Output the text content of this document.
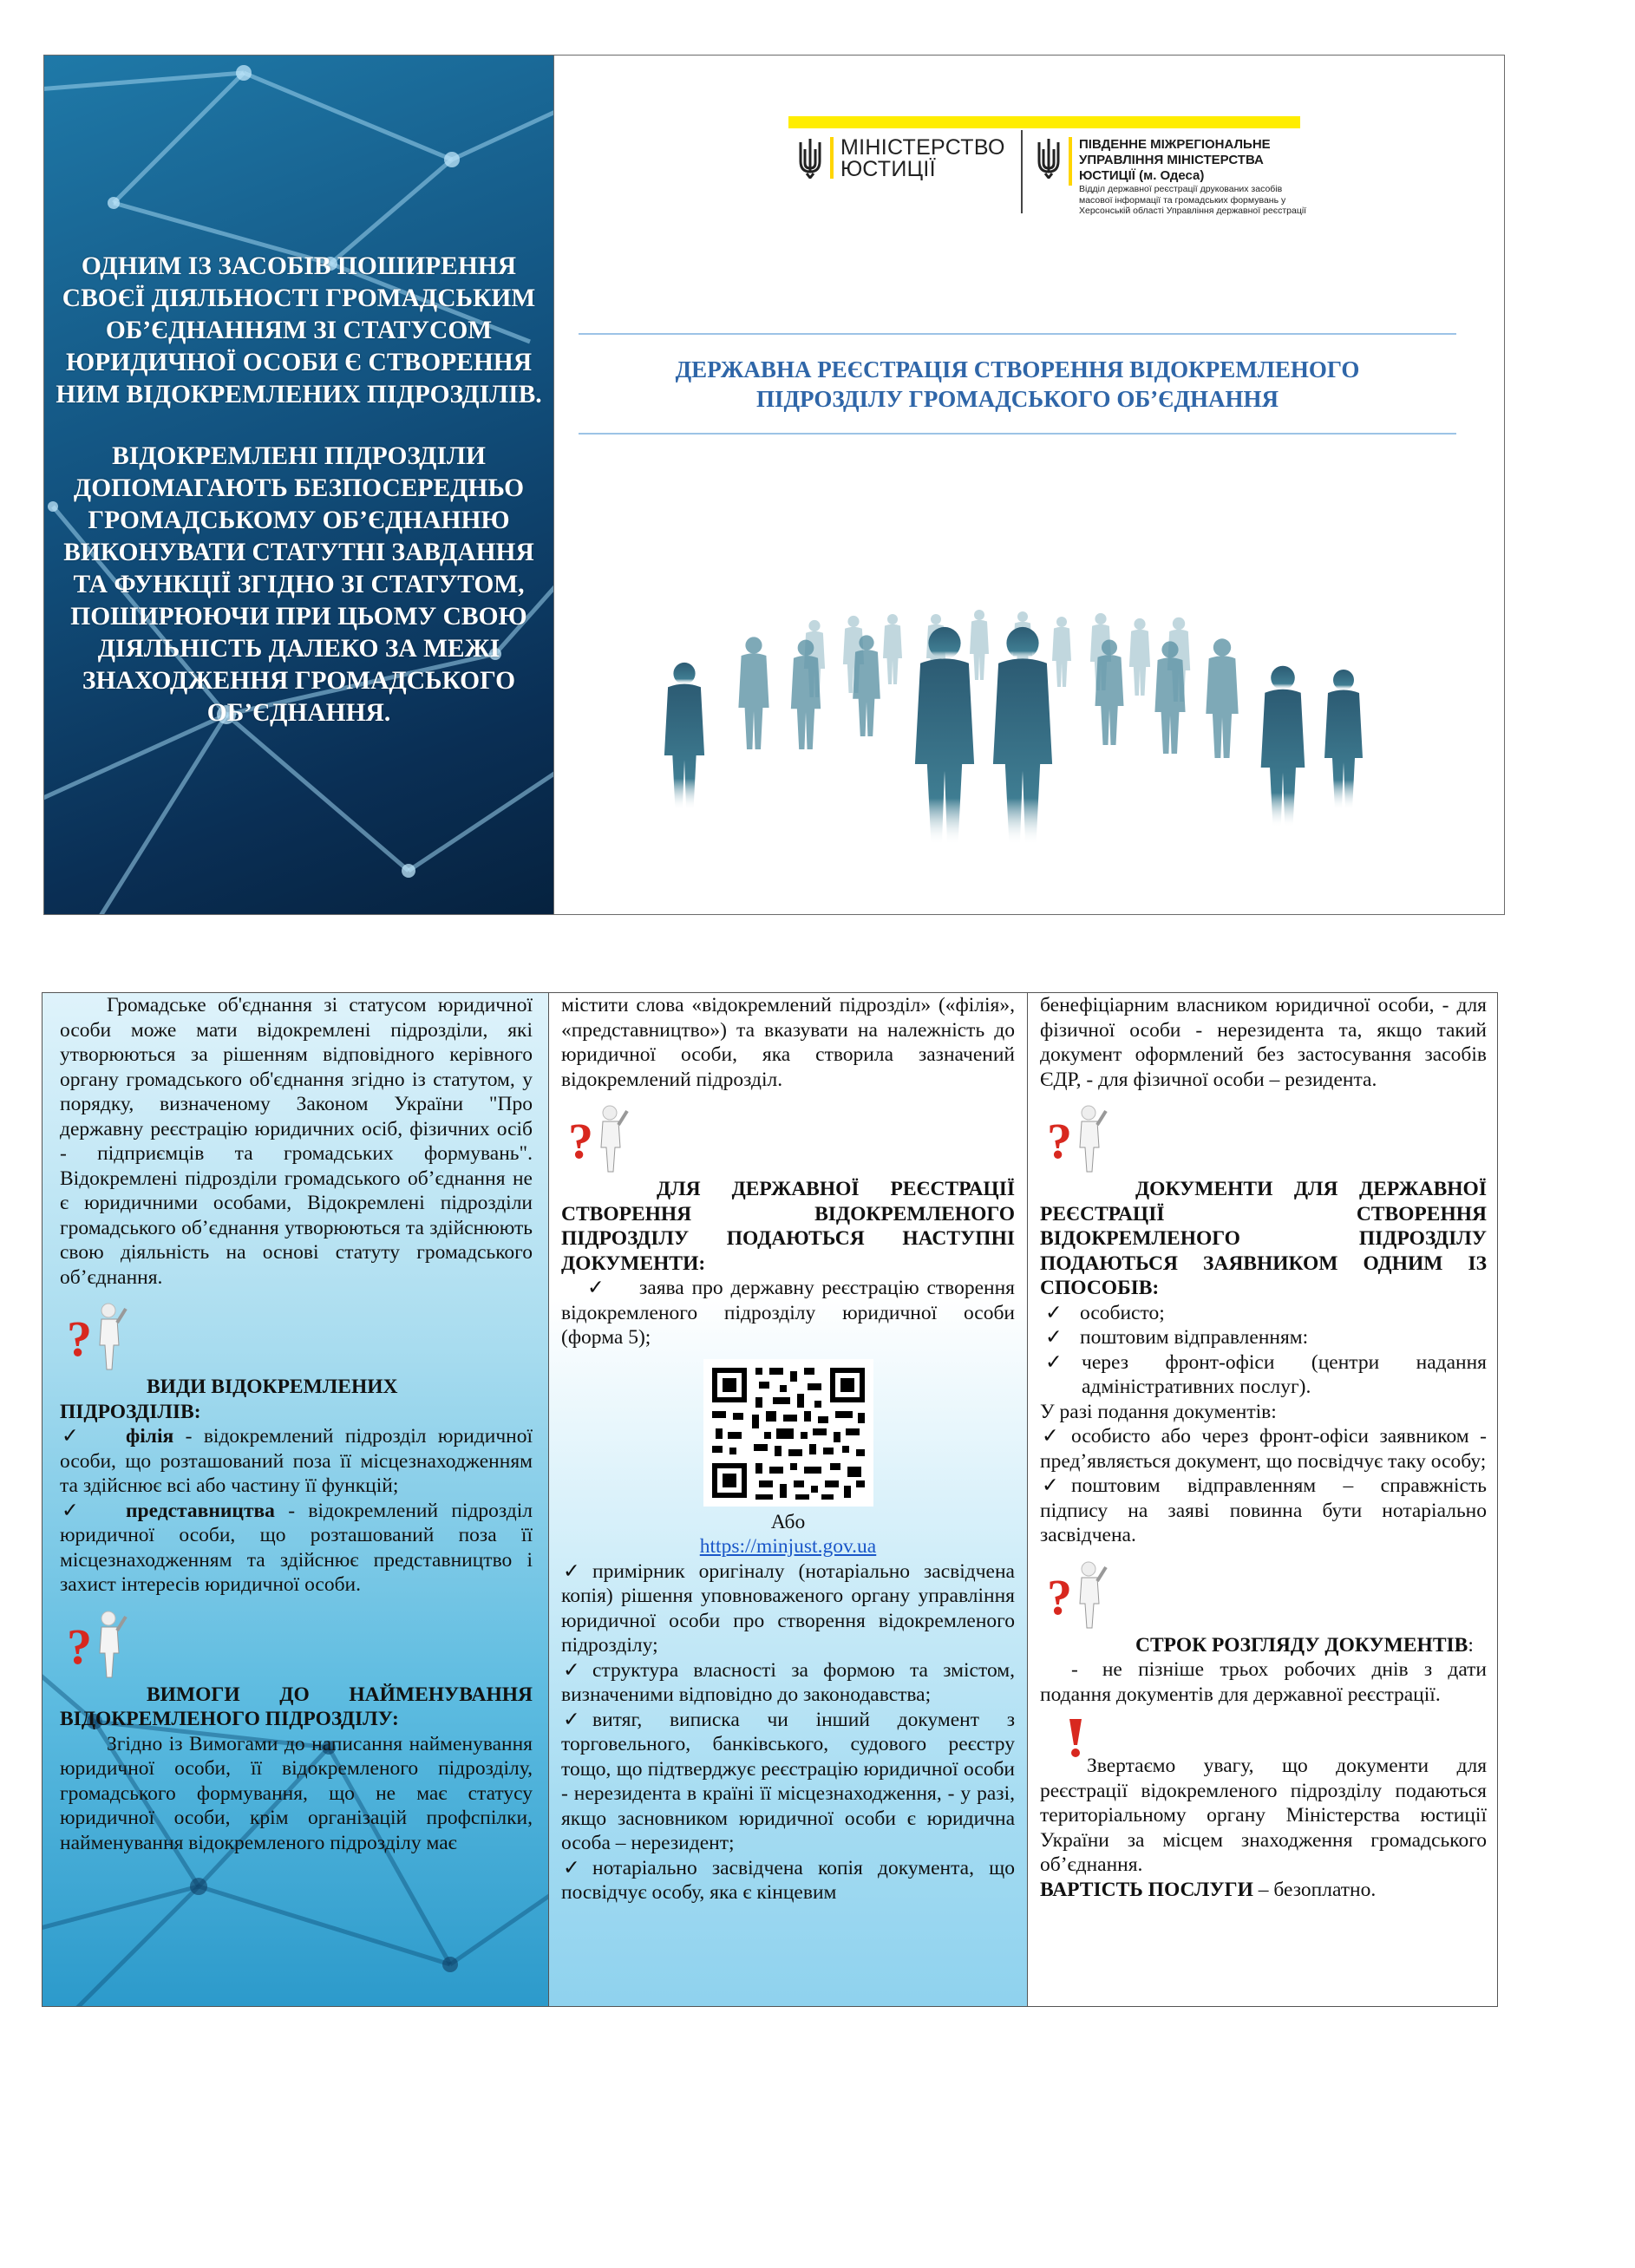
ОДНИМ ІЗ ЗАСОБІВ ПОШИРЕННЯ СВОЄЇ ДІЯЛЬНОСТІ ГРОМАДСЬКИМ ОБ’ЄДНАННЯМ ЗІ СТАТУСОМ ЮРИДИЧНОЇ ОСОБИ Є СТВОРЕННЯ НИМ ВІДОКРЕМЛЕНИХ ПІДРОЗДІЛІВ.

ВІДОКРЕМЛЕНІ ПІДРОЗДІЛИ ДОПОМАГАЮТЬ БЕЗПОСЕРЕДНЬО ГРОМАДСЬКОМУ ОБ’ЄДНАННЮ ВИКОНУВАТИ СТАТУТНІ ЗАВДАННЯ ТА ФУНКЦІЇ ЗГІДНО ЗІ СТАТУТОМ, ПОШИРЮЮЧИ ПРИ ЦЬОМУ СВОЮ ДІЯЛЬНІСТЬ ДАЛЕКО ЗА МЕЖІ ЗНАХОДЖЕННЯ ГРОМАДСЬКОГО ОБ’ЄДНАННЯ.

МІНІСТЕРСТВО
ЮСТИЦІЇ
ПІВДЕННЕ МІЖРЕГІОНАЛЬНЕ
УПРАВЛІННЯ МІНІСТЕРСТВА
ЮСТИЦІЇ (м. Одеса)
Відділ державної реєстрації друкованих засобів
масової інформації та громадських формувань у
Херсонській області Управління державної реєстрації
ДЕРЖАВНА РЕЄСТРАЦІЯ СТВОРЕННЯ ВІДОКРЕМЛЕНОГО
ПІДРОЗДІЛУ ГРОМАДСЬКОГО ОБ’ЄДНАННЯ

Громадське об'єднання зі статусом юридичної особи може мати відокремлені підрозділи, які утворюються за рішенням відповідного керівного органу громадського об'єднання згідно із статутом, у порядку, визначеному Законом України "Про державну реєстрацію юридичних осіб, фізичних осіб - підприємців та громадських формувань". Відокремлені підрозділи громадського об’єднання не є юридичними особами, Відокремлені підрозділи громадського об’єднання утворюються та здійснюють свою діяльність на основі статуту громадського об’єднання.

?

ВИДИ ВІДОКРЕМЛЕНИХ ПІДРОЗДІЛІВ:

✓ філія - відокремлений підрозділ юридичної особи, що розташований поза її місцезнаходженням та здійснює всі або частину її функцій;

✓ представництва - відокремлений підрозділ юридичної особи, що розташований поза її місцезнаходженням та здійснює представництво і захист інтересів юридичної особи.

?

ВИМОГИ ДО НАЙМЕНУВАННЯ ВІДОКРЕМЛЕНОГО ПІДРОЗДІЛУ:

Згідно із Вимогами до написання найменування юридичної особи, її відокремленого підрозділу, громадського формування, що не має статусу юридичної особи, крім організацій профспілки, найменування відокремленого підрозділу має

містити слова «відокремлений підрозділ» («філія», «представництво») та вказувати на належність до юридичної особи, яка створила зазначений відокремлений підрозділ.

?

ДЛЯ ДЕРЖАВНОЇ РЕЄСТРАЦІЇ СТВОРЕННЯ ВІДОКРЕМЛЕНОГО ПІДРОЗДІЛУ ПОДАЮТЬСЯ НАСТУПНІ ДОКУМЕНТИ:

✓ заява про державну реєстрацію створення відокремленого підрозділу юридичної особи (форма 5);

Або

https://minjust.gov.ua

✓ примірник оригіналу (нотаріально засвідчена копія) рішення уповноваженого органу управління юридичної особи про створення відокремленого підрозділу;

✓ структура власності за формою та змістом, визначеними відповідно до законодавства;

✓ витяг, виписка чи інший документ з торговельного, банківського, судового реєстру тощо, що підтверджує реєстрацію юридичної особи - нерезидента в країні її місцезнаходження, - у разі, якщо засновником юридичної особи є юридична особа – нерезидент;

✓ нотаріально засвідчена копія документа, що посвідчує особу, яка є кінцевим

бенефіціарним власником юридичної особи, - для фізичної особи - нерезидента та, якщо такий документ оформлений без застосування засобів ЄДР, - для фізичної особи – резидента.

?

ДОКУМЕНТИ ДЛЯ ДЕРЖАВНОЇ РЕЄСТРАЦІЇ СТВОРЕННЯ ВІДОКРЕМЛЕНОГО ПІДРОЗДІЛУ ПОДАЮТЬСЯ ЗАЯВНИКОМ ОДНИМ ІЗ СПОСОБІВ:

✓ особисто;

✓ поштовим відправленням:

✓ через фронт-офіси (центри надання адміністративних послуг).

У разі подання документів:

✓ особисто або через фронт-офіси заявником - пред’являється документ, що посвідчує таку особу;

✓ поштовим відправленням – справжність підпису на заяві повинна бути нотаріально засвідчена.

?

СТРОК РОЗГЛЯДУ ДОКУМЕНТІВ:

- не пізніше трьох робочих днів з дати подання документів для державної реєстрації.

Звертаємо увагу, що документи для реєстрації відокремленого підрозділу подаються територіальному органу Міністерства юстиції України за місцем знаходження громадського об’єднання.

ВАРТІСТЬ ПОСЛУГИ – безоплатно.
